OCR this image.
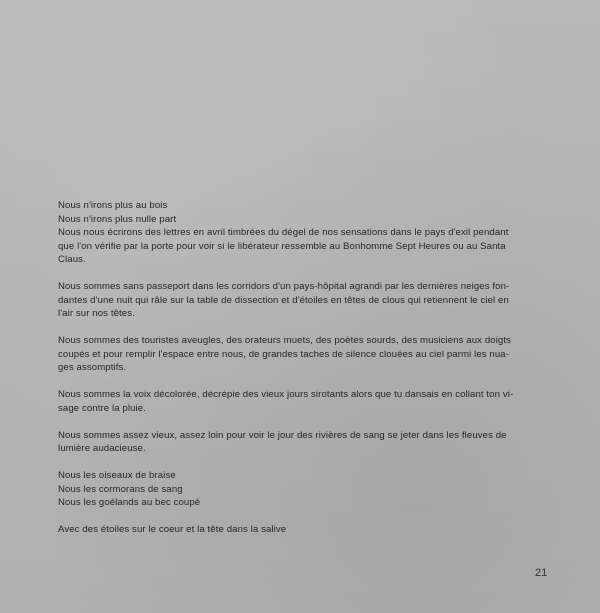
Nous n'irons plus au bois
Nous n'irons plus nulle part
Nous nous écrirons des lettres en avril timbrées du dégel de nos sensations dans le pays d'exil pendant
que l'on vérifie par la porte pour voir si le libérateur ressemble au Bonhomme Sept Heures ou au Santa
Claus.
Nous sommes sans passeport dans les corridors d'un pays-hôpital agrandi par les dernières neiges fon-
dantes d'une nuit qui râle sur la table de dissection et d'étoiles en têtes de clous qui retiennent le ciel en
l'air sur nos têtes.
Nous sommes des touristes aveugles, des orateurs muets, des poètes sourds, des musiciens aux doigts
coupés et pour remplir l'espace entre nous, de grandes taches de silence clouées au ciel parmi les nua-
ges assomptifs.
Nous sommes la voix décolorée, décrépie des vieux jours sirotants alors que tu dansais en collant ton vi-
sage contre la pluie.
Nous sommes assez vieux, assez loin pour voir le jour des rivières de sang se jeter dans les fleuves de
lumière audacieuse.
Nous les oiseaux de braise
Nous les cormorans de sang
Nous les goélands au bec coupé
Avec des étoiles sur le coeur et la tête dans la salive
21
